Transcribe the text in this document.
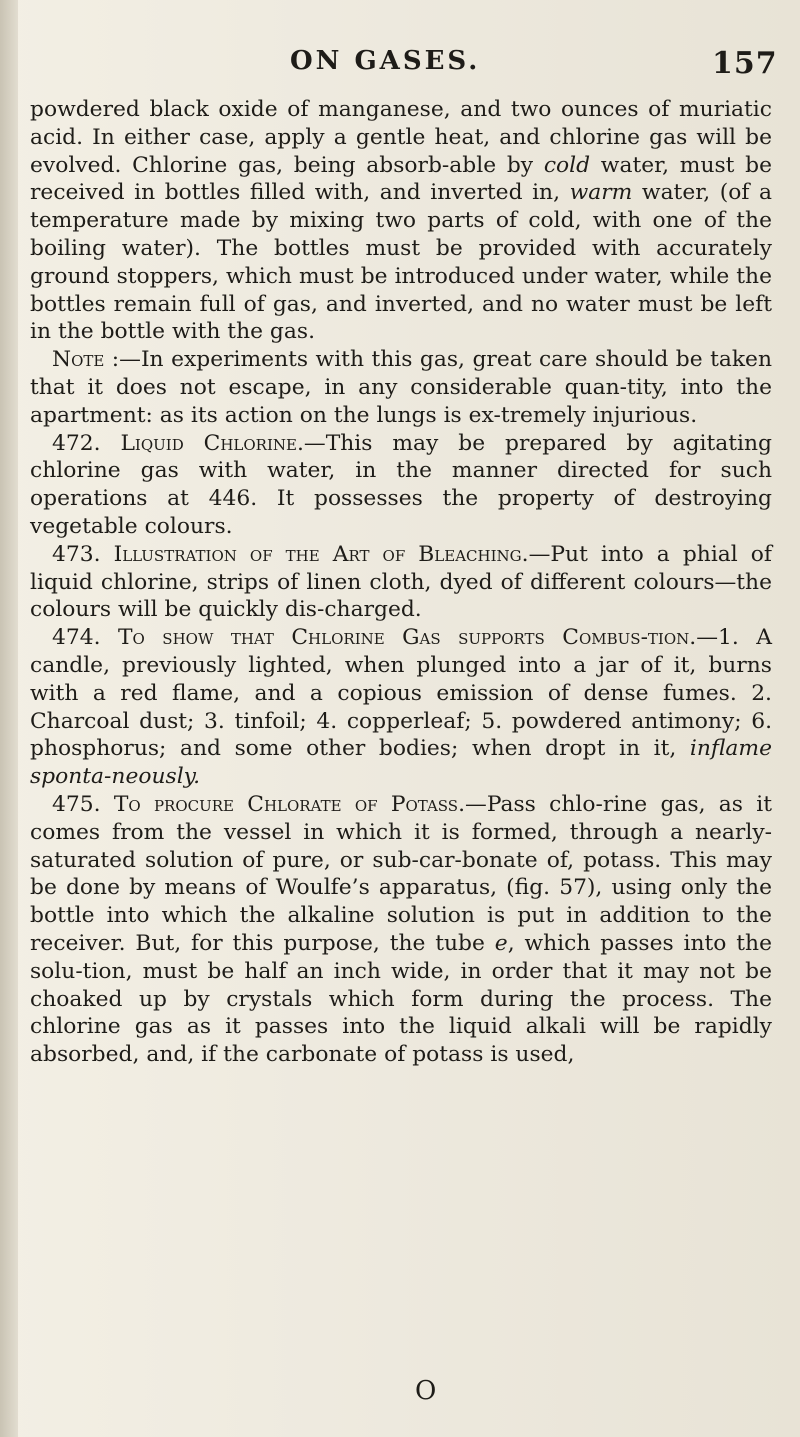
ON GASES.	157

powdered black oxide of manganese, and two ounces of muriatic acid. In either case, apply a gentle heat, and chlorine gas will be evolved. Chlorine gas, being absorb-able by cold water, must be received in bottles filled with, and inverted in, warm water, (of a temperature made by mixing two parts of cold, with one of the boiling water). The bottles must be provided with accurately ground stoppers, which must be introduced under water, while the bottles remain full of gas, and inverted, and no water must be left in the bottle with the gas.

Note :—In experiments with this gas, great care should be taken that it does not escape, in any considerable quan-tity, into the apartment: as its action on the lungs is ex-tremely injurious.

472. Liquid Chlorine.—This may be prepared by agitating chlorine gas with water, in the manner directed for such operations at 446. It possesses the property of destroying vegetable colours.

473. Illustration of the Art of Bleaching.—Put into a phial of liquid chlorine, strips of linen cloth, dyed of different colours—the colours will be quickly dis-charged.

474. To show that Chlorine Gas supports Combus-tion.—1. A candle, previously lighted, when plunged into a jar of it, burns with a red flame, and a copious emission of dense fumes. 2. Charcoal dust; 3. tinfoil; 4. copperleaf; 5. powdered antimony; 6. phosphorus; and some other bodies; when dropt in it, inflame sponta-neously.

475. To procure Chlorate of Potass.—Pass chlo-rine gas, as it comes from the vessel in which it is formed, through a nearly-saturated solution of pure, or sub-car-bonate of, potass. This may be done by means of Woulfe’s apparatus, (fig. 57), using only the bottle into which the alkaline solution is put in addition to the receiver. But, for this purpose, the tube e, which passes into the solu-tion, must be half an inch wide, in order that it may not be choaked up by crystals which form during the process. The chlorine gas as it passes into the liquid alkali will be rapidly absorbed, and, if the carbonate of potass is used,

O
